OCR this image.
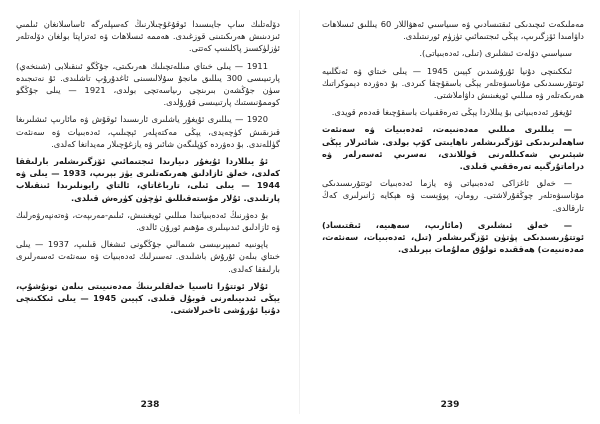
دۆلەتلىك ساپ جايىسىدا ئوقۇغۇچىلارنىڭ كەسپلەرگە ئاساسلانغان ئىلمىي ئىزدىنىش ھەرىكىتىنى قوزغىدى. ھەممە ئىسلاھات ۋە ئەتراپتا بولغان دۆلەتلەر ئۈزلۈكسىز پاكلىنىپ كەتتى.

1911 — يىلى خىتاي مىللەتچىلىك ھەرىكىتى، جۇڭگو ئىنقىلابى (شىنخەي) پارتىيىسى 300 يىللىق مانجۇ سۇلالىسىنى ئاغدۇرۇپ تاشلىدى. ئۇ نەتىجىدە سۈن جۇڭشەن بىرىنچى رىياسەتچى بولدى، 1921 — يىلى جۇڭگو كوممۇنىستىك پارتىيىسى قۇرۇلدى.

1920 — يىللىرى ئۇيغۇر ياشلىرى ئارىسىدا ئوقۇش ۋە مائارىپ ئىشلىرىغا قىزىقىش كۈچەيدى، يېڭى مەكتەپلەر ئېچىلىپ، ئەدەبىيات ۋە سەنئەت گۈللەندى. بۇ دەۋردە كۆپلىگەن شائىر ۋە يازغۇچىلار مەيدانغا كەلدى.

ئۇ يىللاردا ئۇيغۇر دىيارىدا ئىجتىمائىي ئۆزگىرىشلەر بارلىققا كەلدى، خەلق ئازادلىق ھەرىكەتلىرى يۈز بېرىپ، 1933 — يىلى ۋە 1944 — يىلى ئىلى، تارباغاتاي، ئالتاي رايونلىرىدا ئىنقىلاب پارتلىدى. ئۇلار مۇستەقىللىق ئۈچۈن كۈرەش قىلدى.

بۇ دەۋرنىڭ ئەدەبىياتىدا مىللىي ئويغىنىش، ئىلىم-مەرىپەت، ۋەتەنپەرۋەرلىك ۋە ئازادلىق ئىدىيىلىرى مۇھىم ئورۇن ئالدى.

ياپونىيە ئىمپېرىيىسى شىمالىي جۇڭگونى ئىشغال قىلىپ، 1937 — يىلى خىتاي بىلەن ئۇرۇش باشلىدى. تەسىرلىك ئەدەبىيات ۋە سەنئەت ئەسەرلىرى بارلىققا كەلدى.

ئۇلار ئوتتۇرا ئاسىيا خەلقلىرىنىڭ مەدەنىيىتى بىلەن تونۇشۇپ، يېڭى ئىدىيىلەرنى قوبۇل قىلدى. كېيىن 1945 — يىلى ئىككىنچى دۇنيا ئۇرۇشى ئاخىرلاشتى.

238

مەملىكەت ئىچىدىكى ئىقتىسادىي ۋە سىياسىي ئەھۋاللار 60 يىللىق ئىسلاھات داۋامىدا ئۆزگىرىپ، يېڭى ئىجتىمائىي تۈزۈم ئورنىتىلدى.

سىياسىي دۆلەت ئىشلىرى (تىلى، ئەدەبىياتى).

ئىككىنچى دۇنيا ئۇرۇشىدىن كېيىن 1945 — يىلى خىتاي ۋە ئەنگلىيە ئوتتۇرىسىدىكى مۇناسىۋەتلەر يېڭى باسقۇچقا كىردى. بۇ دەۋردە دېموكراتىك ھەرىكەتلەر ۋە مىللىي ئويغىنىش داۋاملاشتى.

ئۇيغۇر ئەدەبىياتى بۇ يىللاردا يېڭى تەرەققىيات باسقۇچىغا قەدەم قويدى.

— يىللىرى مىللىي مەدەنىيەت، ئەدەبىيات ۋە سەنئەت ساھەلىرىدىكى ئۆزگىرىشلەر ناھايىتى كۆپ بولدى. شائىرلار يېڭى شېئىرىي شەكىللەرنى قوللاندى، نەسرىي ئەسەرلەر ۋە دراماتۇرگىيە تەرەققىي قىلدى.

— خەلق ئاغزاكى ئەدەبىياتى ۋە يازما ئەدەبىيات ئوتتۇرىسىدىكى مۇناسىۋەتلەر چوڭقۇرلاشتى. رومان، پوۋېست ۋە ھېكايە ژانىرلىرى كەڭ تارقالدى.

— خەلق ئىشلىرى (مائارىپ، سەھىيە، ئىقتىساد) ئوتتۇرىسىدىكى پۈتۈن ئۆزگىرىشلەر (تىل، ئەدەبىيات، سەنئەت، مەدەنىيەت) ھەققىدە تولۇق مەلۇمات بېرىلدى.

239
